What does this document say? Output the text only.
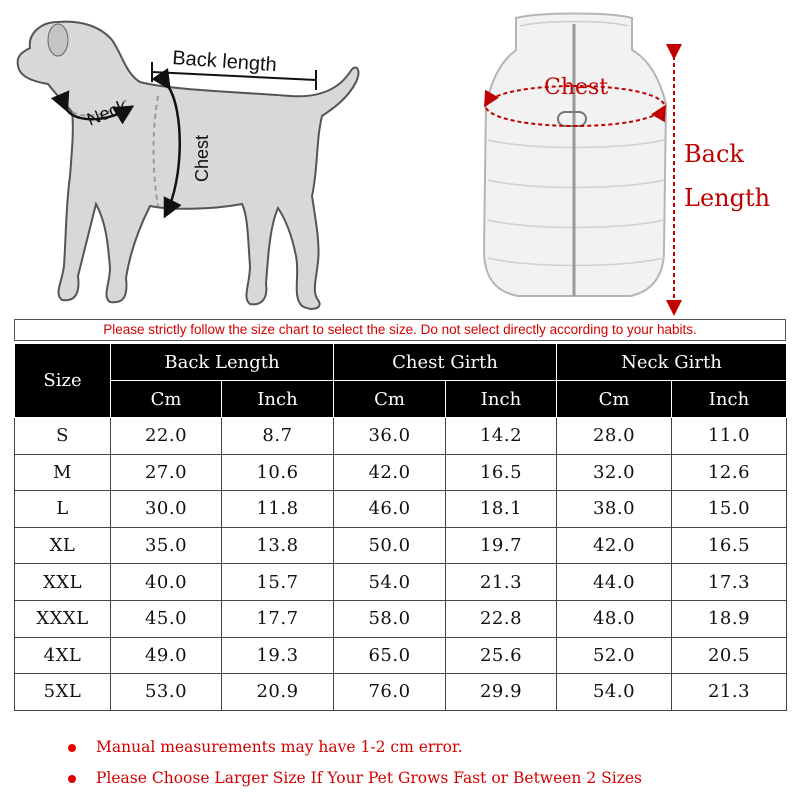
Back length
Neck
Chest
Chest
Back
Length
Please strictly follow the size chart to select the size. Do not select directly according to your habits.
Size	Back Length		Chest Girth		Neck Girth	
	Cm	Inch	Cm	Inch	Cm	Inch
S	22.0	8.7	36.0	14.2	28.0	11.0
M	27.0	10.6	42.0	16.5	32.0	12.6
L	30.0	11.8	46.0	18.1	38.0	15.0
XL	35.0	13.8	50.0	19.7	42.0	16.5
XXL	40.0	15.7	54.0	21.3	44.0	17.3
XXXL	45.0	17.7	58.0	22.8	48.0	18.9
4XL	49.0	19.3	65.0	25.6	52.0	20.5
5XL	53.0	20.9	76.0	29.9	54.0	21.3
Manual measurements may have 1-2 cm error.
Please Choose Larger Size If Your Pet Grows Fast or Between 2 Sizes
